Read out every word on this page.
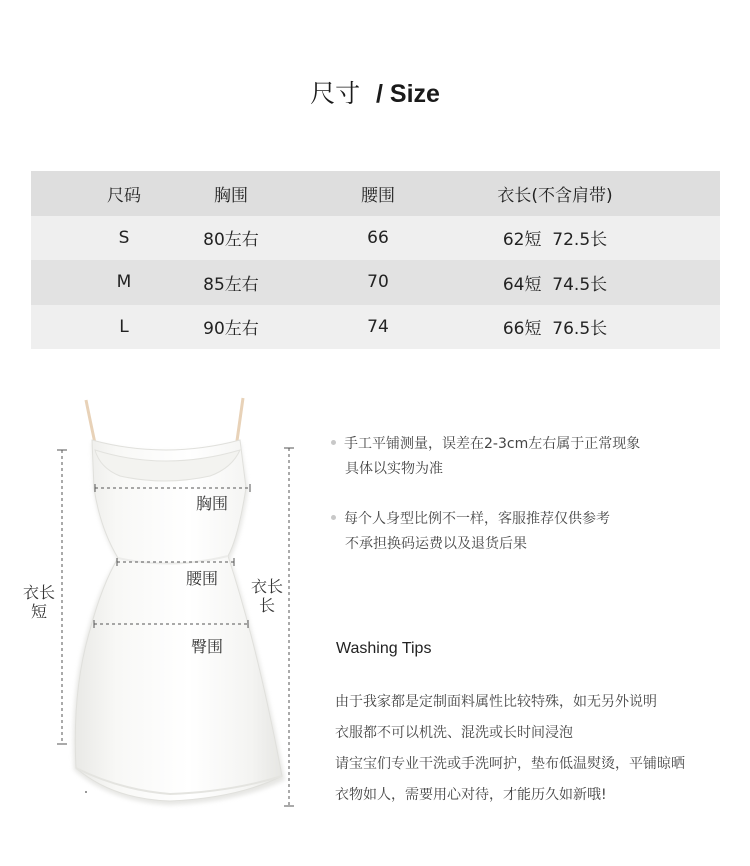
尺寸 / Size
尺码	胸围	腰围	衣长(不含肩带)
S	80左右	66	62短  72.5长
M	85左右	70	64短  74.5长
L	90左右	74	66短  76.5长
胸围
腰围
臀围
衣长
短
衣长
长
手工平铺测量，误差在2-3cm左右属于正常现象
具体以实物为准
每个人身型比例不一样，客服推荐仅供参考
不承担换码运费以及退货后果
Washing Tips
由于我家都是定制面料属性比较特殊，如无另外说明
衣服都不可以机洗、混洗或长时间浸泡
请宝宝们专业干洗或手洗呵护，垫布低温熨烫，平铺晾晒
衣物如人，需要用心对待，才能历久如新哦!
